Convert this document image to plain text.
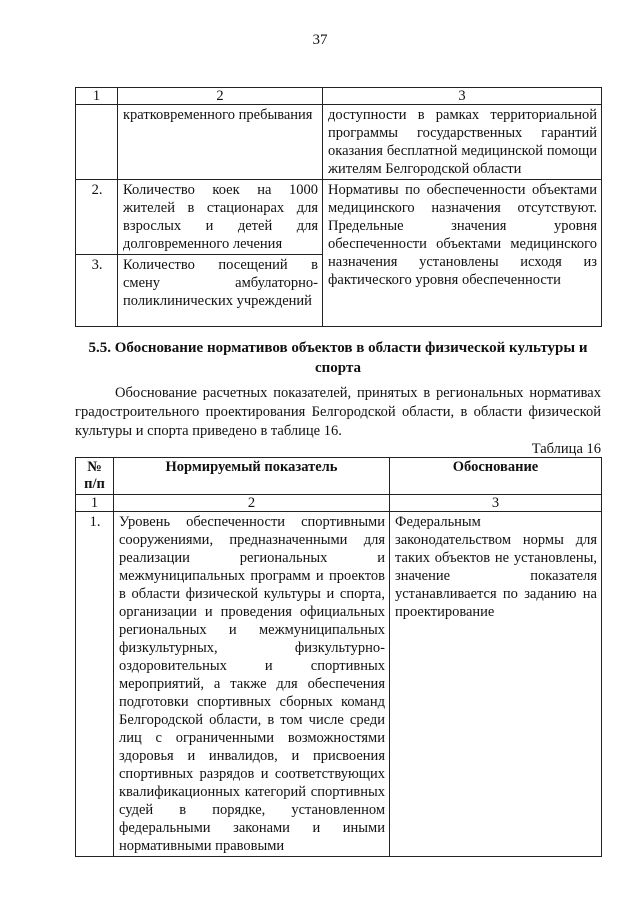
37
1	2	3
	кратковременного пребывания	доступности в рамках территориальной программы государственных гарантий оказания бесплатной медицинской помощи жителям Белгородской области
2.	Количество коек на 1000 жителей в стационарах для взрослых и детей для долговременного лечения	Нормативы по обеспеченности объектами медицинского назначения отсутствуют. Предельные значения уровня обеспеченности объектами медицинского назначения установлены исходя из фактического уровня обеспеченности
3.	Количество посещений в смену амбулаторно-поликлинических учреждений	
5.5. Обоснование нормативов объектов в области физической культуры и спорта
Обоснование расчетных показателей, принятых в региональных нормативах градостроительного проектирования Белгородской области, в области физической культуры и спорта приведено в таблице 16.
Таблица 16
№ п/п	Нормируемый показатель	Обоснование
1	2	3
1.	Уровень обеспеченности спортивными сооружениями, предназначенными для реализации региональных и межмуниципальных программ и проектов в области физической культуры и спорта, организации и проведения официальных региональных и межмуниципальных физкультурных, физкультурно-оздоровительных и спортивных мероприятий, а также для обеспечения подготовки спортивных сборных команд Белгородской области, в том числе среди лиц с ограниченными возможностями здоровья и инвалидов, и присвоения спортивных разрядов и соответствующих квалификационных категорий спортивных судей в порядке, установленном федеральными законами и иными нормативными правовыми	Федеральным законодательством нормы для таких объектов не установлены, значение показателя устанавливается по заданию на проектирование
